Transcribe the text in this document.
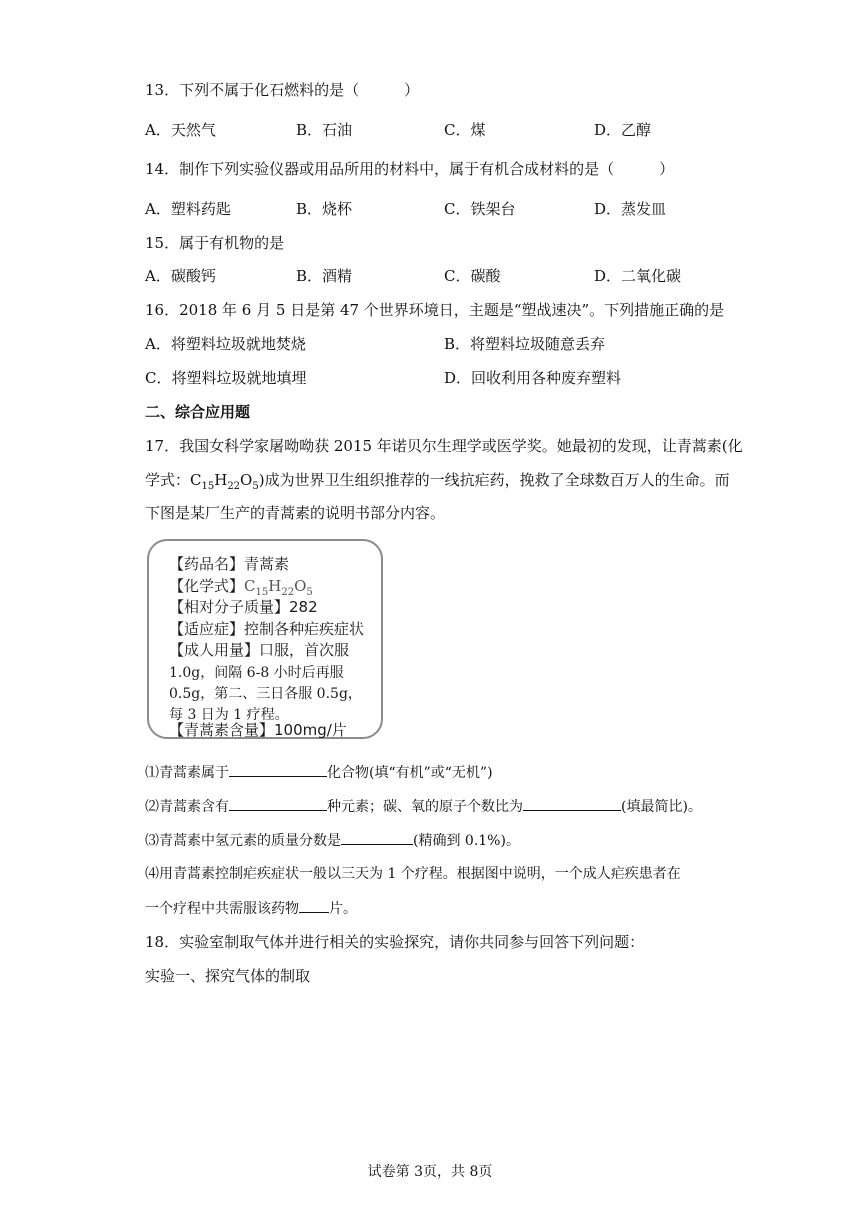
13．下列不属于化石燃料的是（　　　）
A．天然气	B．石油	C．煤	D．乙醇
14．制作下列实验仪器或用品所用的材料中，属于有机合成材料的是（　　　）
A．塑料药匙	B．烧杯	C．铁架台	D．蒸发皿
15．属于有机物的是
A．碳酸钙	B．酒精	C．碳酸	D．二氧化碳
16．2018 年 6 月 5 日是第 47 个世界环境日，主题是“塑战速决”。下列措施正确的是
A．将塑料垃圾就地焚烧	B．将塑料垃圾随意丢弃
C．将塑料垃圾就地填埋	D．回收利用各种废弃塑料
二、综合应用题
17．我国女科学家屠呦呦获 2015 年诺贝尔生理学或医学奖。她最初的发现，让青蒿素(化
学式：$C_{15}H_{22}O_5$)成为世界卫生组织推荐的一线抗疟药，挽救了全球数百万人的生命。而
下图是某厂生产的青蒿素的说明书部分内容。
【药品名】青蒿素
【化学式】$C_{15}H_{22}O_5$
【相对分子质量】282
【适应症】控制各种疟疾症状
【成人用量】口服，首次服
1.0g，间隔 6-8 小时后再服
0.5g，第二、三日各服 0.5g，
每 3 日为 1 疗程。
【青蒿素含量】100mg/片
⑴青蒿素属于	化合物(填“有机”或“无机”)
⑵青蒿素含有	种元素；碳、氧的原子个数比为	(填最简比)。
⑶青蒿素中氢元素的质量分数是	(精确到 0.1%)。
⑷用青蒿素控制疟疾症状一般以三天为 1 个疗程。根据图中说明，一个成人疟疾患者在
一个疗程中共需服该药物 片。
18．实验室制取气体并进行相关的实验探究，请你共同参与回答下列问题：
实验一、探究气体的制取
试卷第 3页，共 8页
